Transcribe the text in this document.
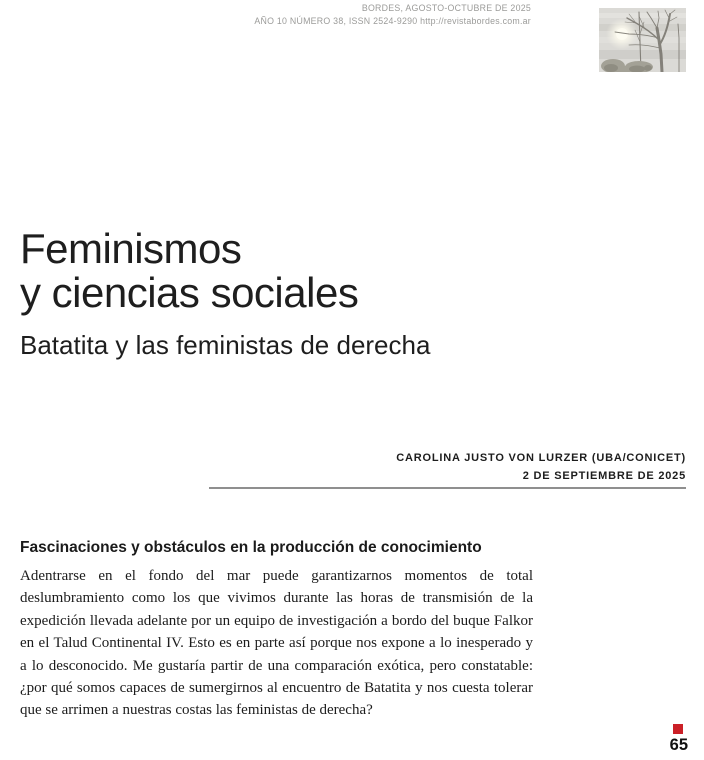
BORDES, AGOSTO-OCTUBRE DE 2025
AÑO 10 NÚMERO 38, ISSN 2524-9290 http://revistabordes.com.ar
Feminismos
y ciencias sociales
Batatita y las feministas de derecha
CAROLINA JUSTO VON LURZER (UBA/CONICET)
2 DE SEPTIEMBRE DE 2025
Fascinaciones y obstáculos en la producción de conocimiento

Adentrarse en el fondo del mar puede garantizarnos momentos de total deslumbramiento como los que vivimos durante las horas de transmisión de la expedición llevada adelante por un equipo de investigación a bordo del buque Falkor en el Talud Continental IV. Esto es en parte así porque nos expone a lo inesperado y a lo desconocido. Me gustaría partir de una comparación exótica, pero constatable: ¿por qué somos capaces de sumergirnos al encuentro de Batatita y nos cuesta tolerar que se arrimen a nuestras costas las feministas de derecha?

65
